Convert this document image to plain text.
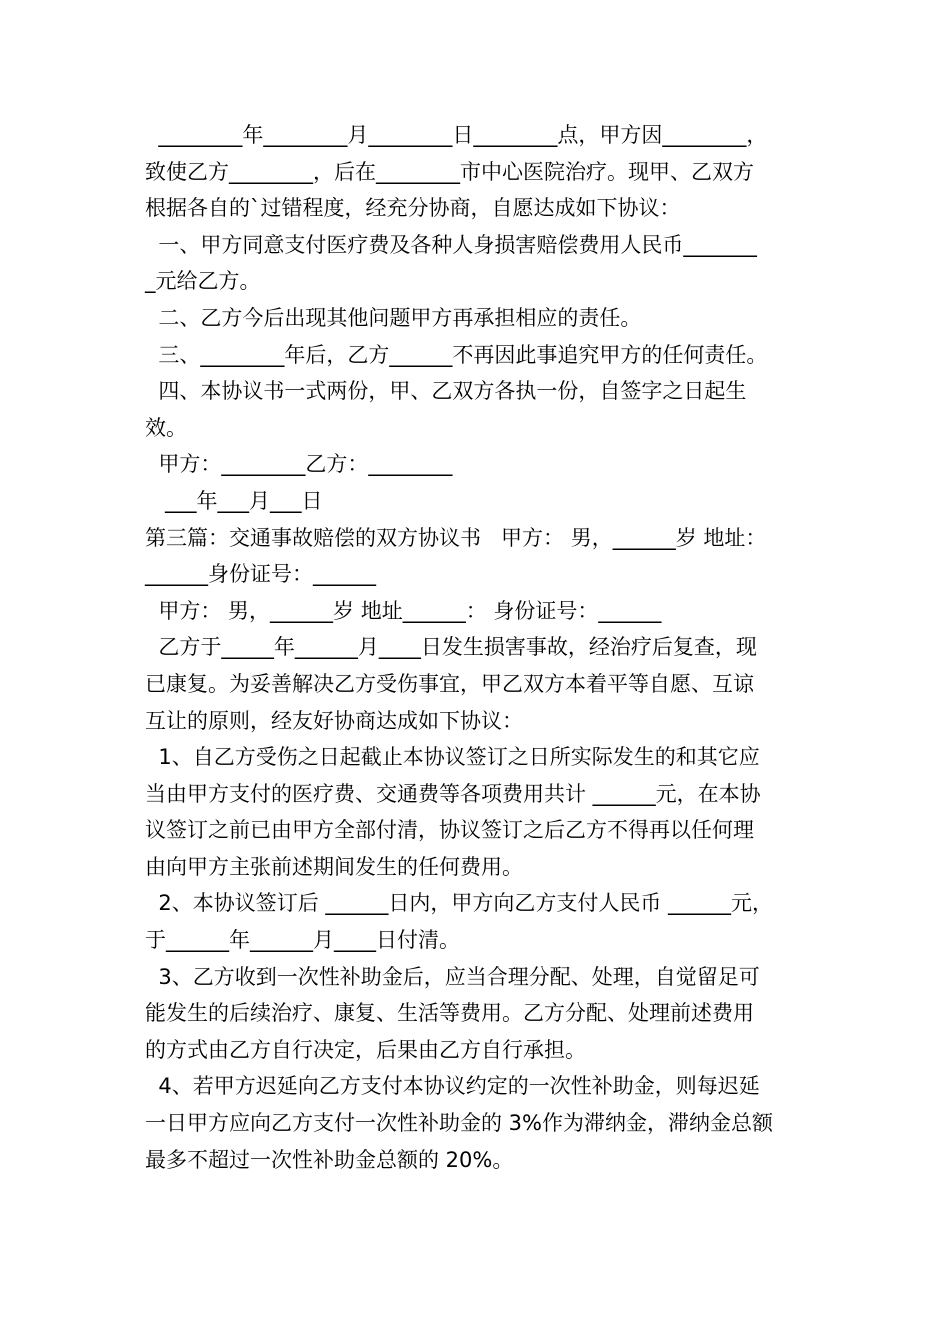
________年________月________日________点，甲方因________，
致使乙方________，后在________市中心医院治疗。现甲、乙双方
根据各自的`过错程度，经充分协商，自愿达成如下协议：
一、甲方同意支付医疗费及各种人身损害赔偿费用人民币_______
_元给乙方。
二、乙方今后出现其他问题甲方再承担相应的责任。
三、________年后，乙方______不再因此事追究甲方的任何责任。
四、本协议书一式两份，甲、乙双方各执一份，自签字之日起生
效。
甲方：________乙方：________
___年___月___日
第三篇：交通事故赔偿的双方协议书   甲方： 男，______岁 地址：
______身份证号：______
甲方： 男，______岁 地址______： 身份证号：______
乙方于_____年______月____日发生损害事故，经治疗后复查，现
已康复。为妥善解决乙方受伤事宜，甲乙双方本着平等自愿、互谅
互让的原则，经友好协商达成如下协议：
1、自乙方受伤之日起截止本协议签订之日所实际发生的和其它应
当由甲方支付的医疗费、交通费等各项费用共计 ______元，在本协
议签订之前已由甲方全部付清，协议签订之后乙方不得再以任何理
由向甲方主张前述期间发生的任何费用。
2、本协议签订后 ______日内，甲方向乙方支付人民币 ______元，
于______年______月____日付清。
3、乙方收到一次性补助金后，应当合理分配、处理，自觉留足可
能发生的后续治疗、康复、生活等费用。乙方分配、处理前述费用
的方式由乙方自行决定，后果由乙方自行承担。
4、若甲方迟延向乙方支付本协议约定的一次性补助金，则每迟延
一日甲方应向乙方支付一次性补助金的 3%作为滞纳金，滞纳金总额
最多不超过一次性补助金总额的 20%。
